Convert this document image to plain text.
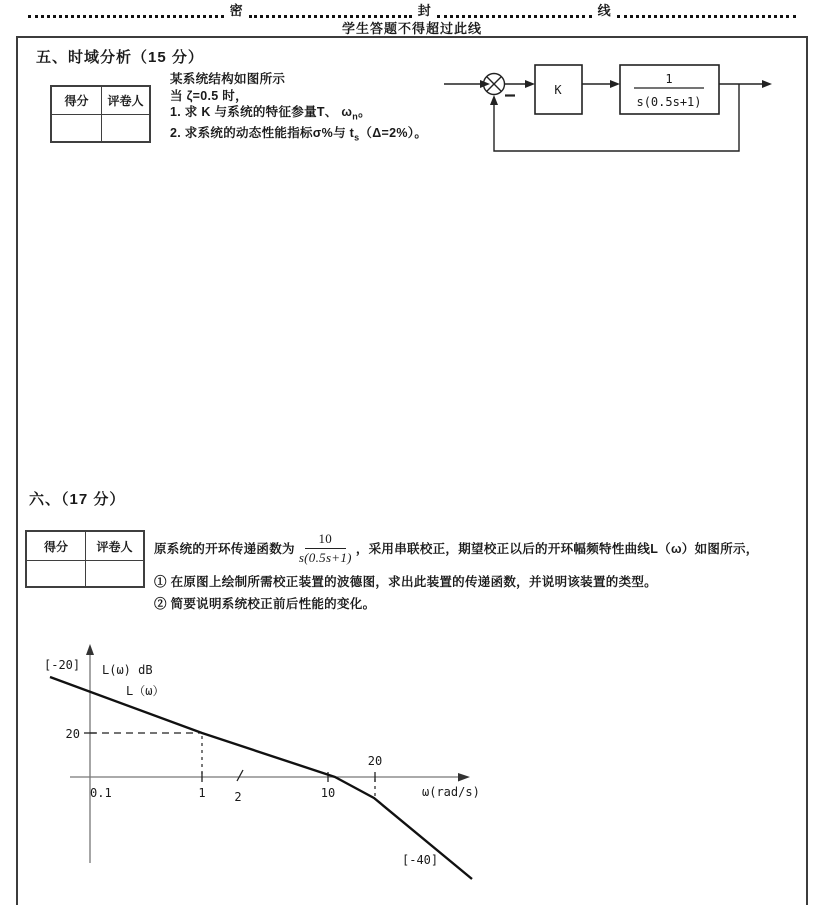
密	封	线
学生答题不得超过此线
五、时域分析（15 分）
得分	评卷人
某系统结构如图所示
当 ζ=0.5 时，
1. 求 K 与系统的特征参量T、 $\omega_n$。
2. 求系统的动态性能指标σ%与 $t_s(\Delta=2\%)$。
K
1
s(0.5s+1)
六、（17 分）
得分	评卷人	原系统的开环传递函数为 $\frac{10}{s(0.5s+1)}$ ，采用串联校正，期望校正以后的开环幅频特性曲线L（ω）如图所示，
① 在原图上绘制所需校正装置的波德图，求出此装置的传递函数，并说明该装置的类型。
② 简要说明系统校正前后性能的变化。
[-20] L(ω) dB
L（ω）
20
0.1	1 2	10
20
ω(rad/s)
[-40]
